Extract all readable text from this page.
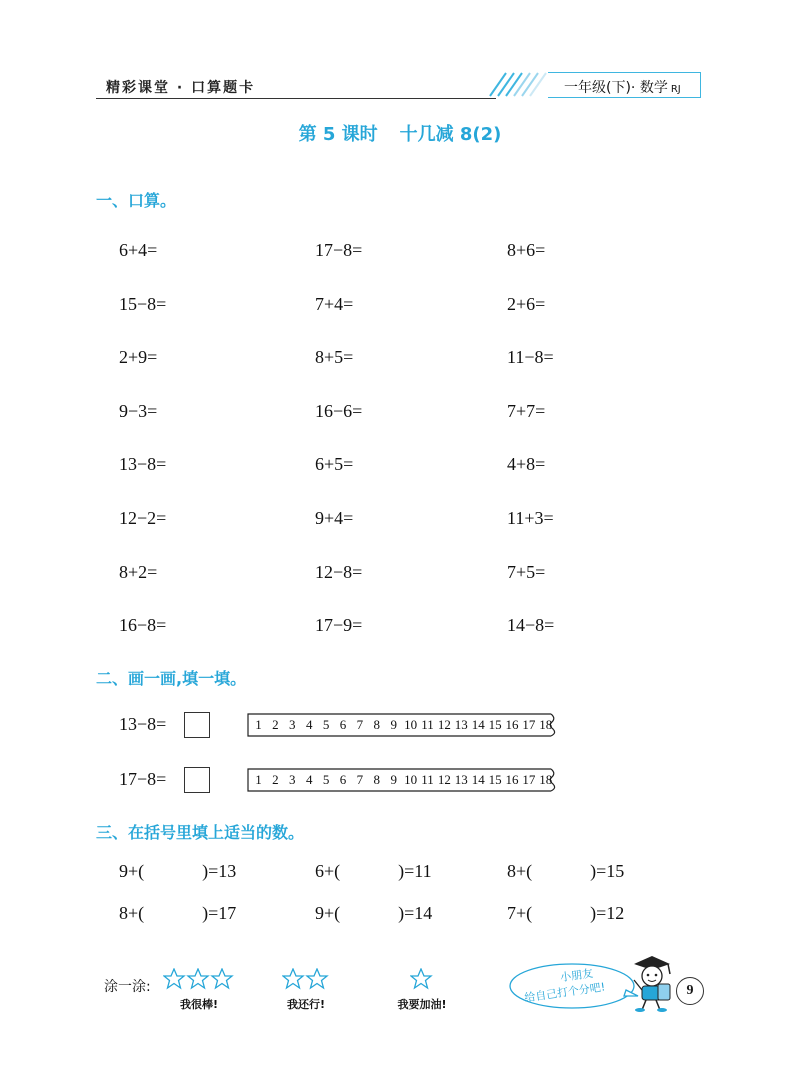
精彩课堂 · 口算题卡	一年级(下)· 数学 RJ
第 5 课时 十几减 8(2)
一、口算。
6+4=	17−8=	8+6=
15−8=	7+4=	2+6=
2+9=	8+5=	11−8=
9−3=	16−6=	7+7=
13−8=	6+5=	4+8=
12−2=	9+4=	11+3=
8+2=	12−8=	7+5=
16−8=	17−9=	14−8=
二、画一画,填一填。
13−8=	1 2 3 4 5 6 7 8 9 10 11 12 13 14 15 16 17 18
17−8=	1 2 3 4 5 6 7 8 9 10 11 12 13 14 15 16 17 18
三、在括号里填上适当的数。
9+(	)=13	6+(	)=11	8+(	)=15
8+(	)=17	9+(	)=14	7+(	)=12
涂一涂:
我很棒!	我还行!	我要加油!
小朋友
给自己打个分吧!	9
